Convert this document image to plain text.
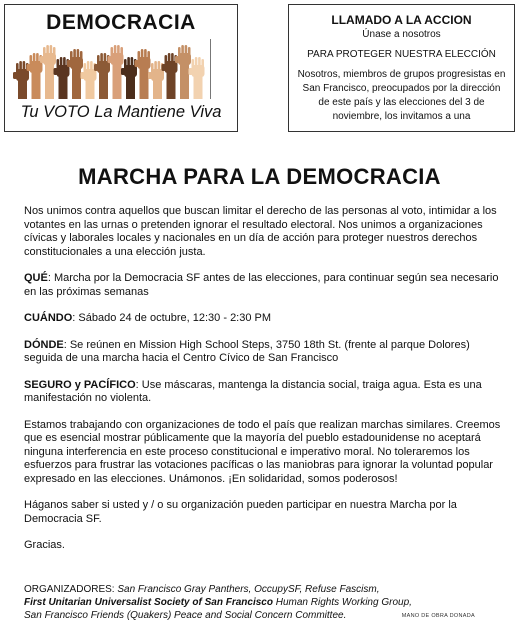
DEMOCRACIA
Tu VOTO La Mantiene Viva
LLAMADO A LA ACCION
Únase a nosotros
PARA PROTEGER NUESTRA ELECCIÓN
Nosotros, miembros de grupos progresistas en San Francisco, preocupados por la dirección de este país y las elecciones del 3 de noviembre, los invitamos a una
MARCHA PARA LA DEMOCRACIA

Nos unimos contra aquellos que buscan limitar el derecho de las personas al voto, intimidar a los votantes en las urnas o pretenden ignorar el resultado electoral. Nos unimos a organizaciones cívicas y laborales locales y nacionales en un día de acción para proteger nuestros derechos constitucionales a una elección justa.

QUÉ: Marcha por la Democracia SF antes de las elecciones, para continuar según sea necesario en las próximas semanas

CUÁNDO: Sábado 24 de octubre, 12:30 - 2:30 PM

DÓNDE: Se reúnen en Mission High School Steps, 3750 18th St. (frente al parque Dolores) seguida de una marcha hacia el Centro Cívico de San Francisco

SEGURO y PACÍFICO: Use máscaras, mantenga la distancia social, traiga agua. Esta es una manifestación no violenta.

Estamos trabajando con organizaciones de todo el país que realizan marchas similares. Creemos que es esencial mostrar públicamente que la mayoría del pueblo estadounidense no aceptará ninguna interferencia en este proceso constitucional e imperativo moral. No toleraremos los esfuerzos para frustrar las votaciones pacíficas o las maniobras para ignorar la voluntad popular expresado en las elecciones. Unámonos. ¡En solidaridad, somos poderosos!

Háganos saber si usted y / o su organización pueden participar en nuestra Marcha por la Democracia SF.

Gracias.

ORGANIZADORES: San Francisco Gray Panthers, OccupySF, Refuse Fascism,
First Unitarian Universalist Society of San Francisco Human Rights Working Group,
San Francisco Friends (Quakers) Peace and Social Concern Committee.	MANO DE OBRA DONADA
